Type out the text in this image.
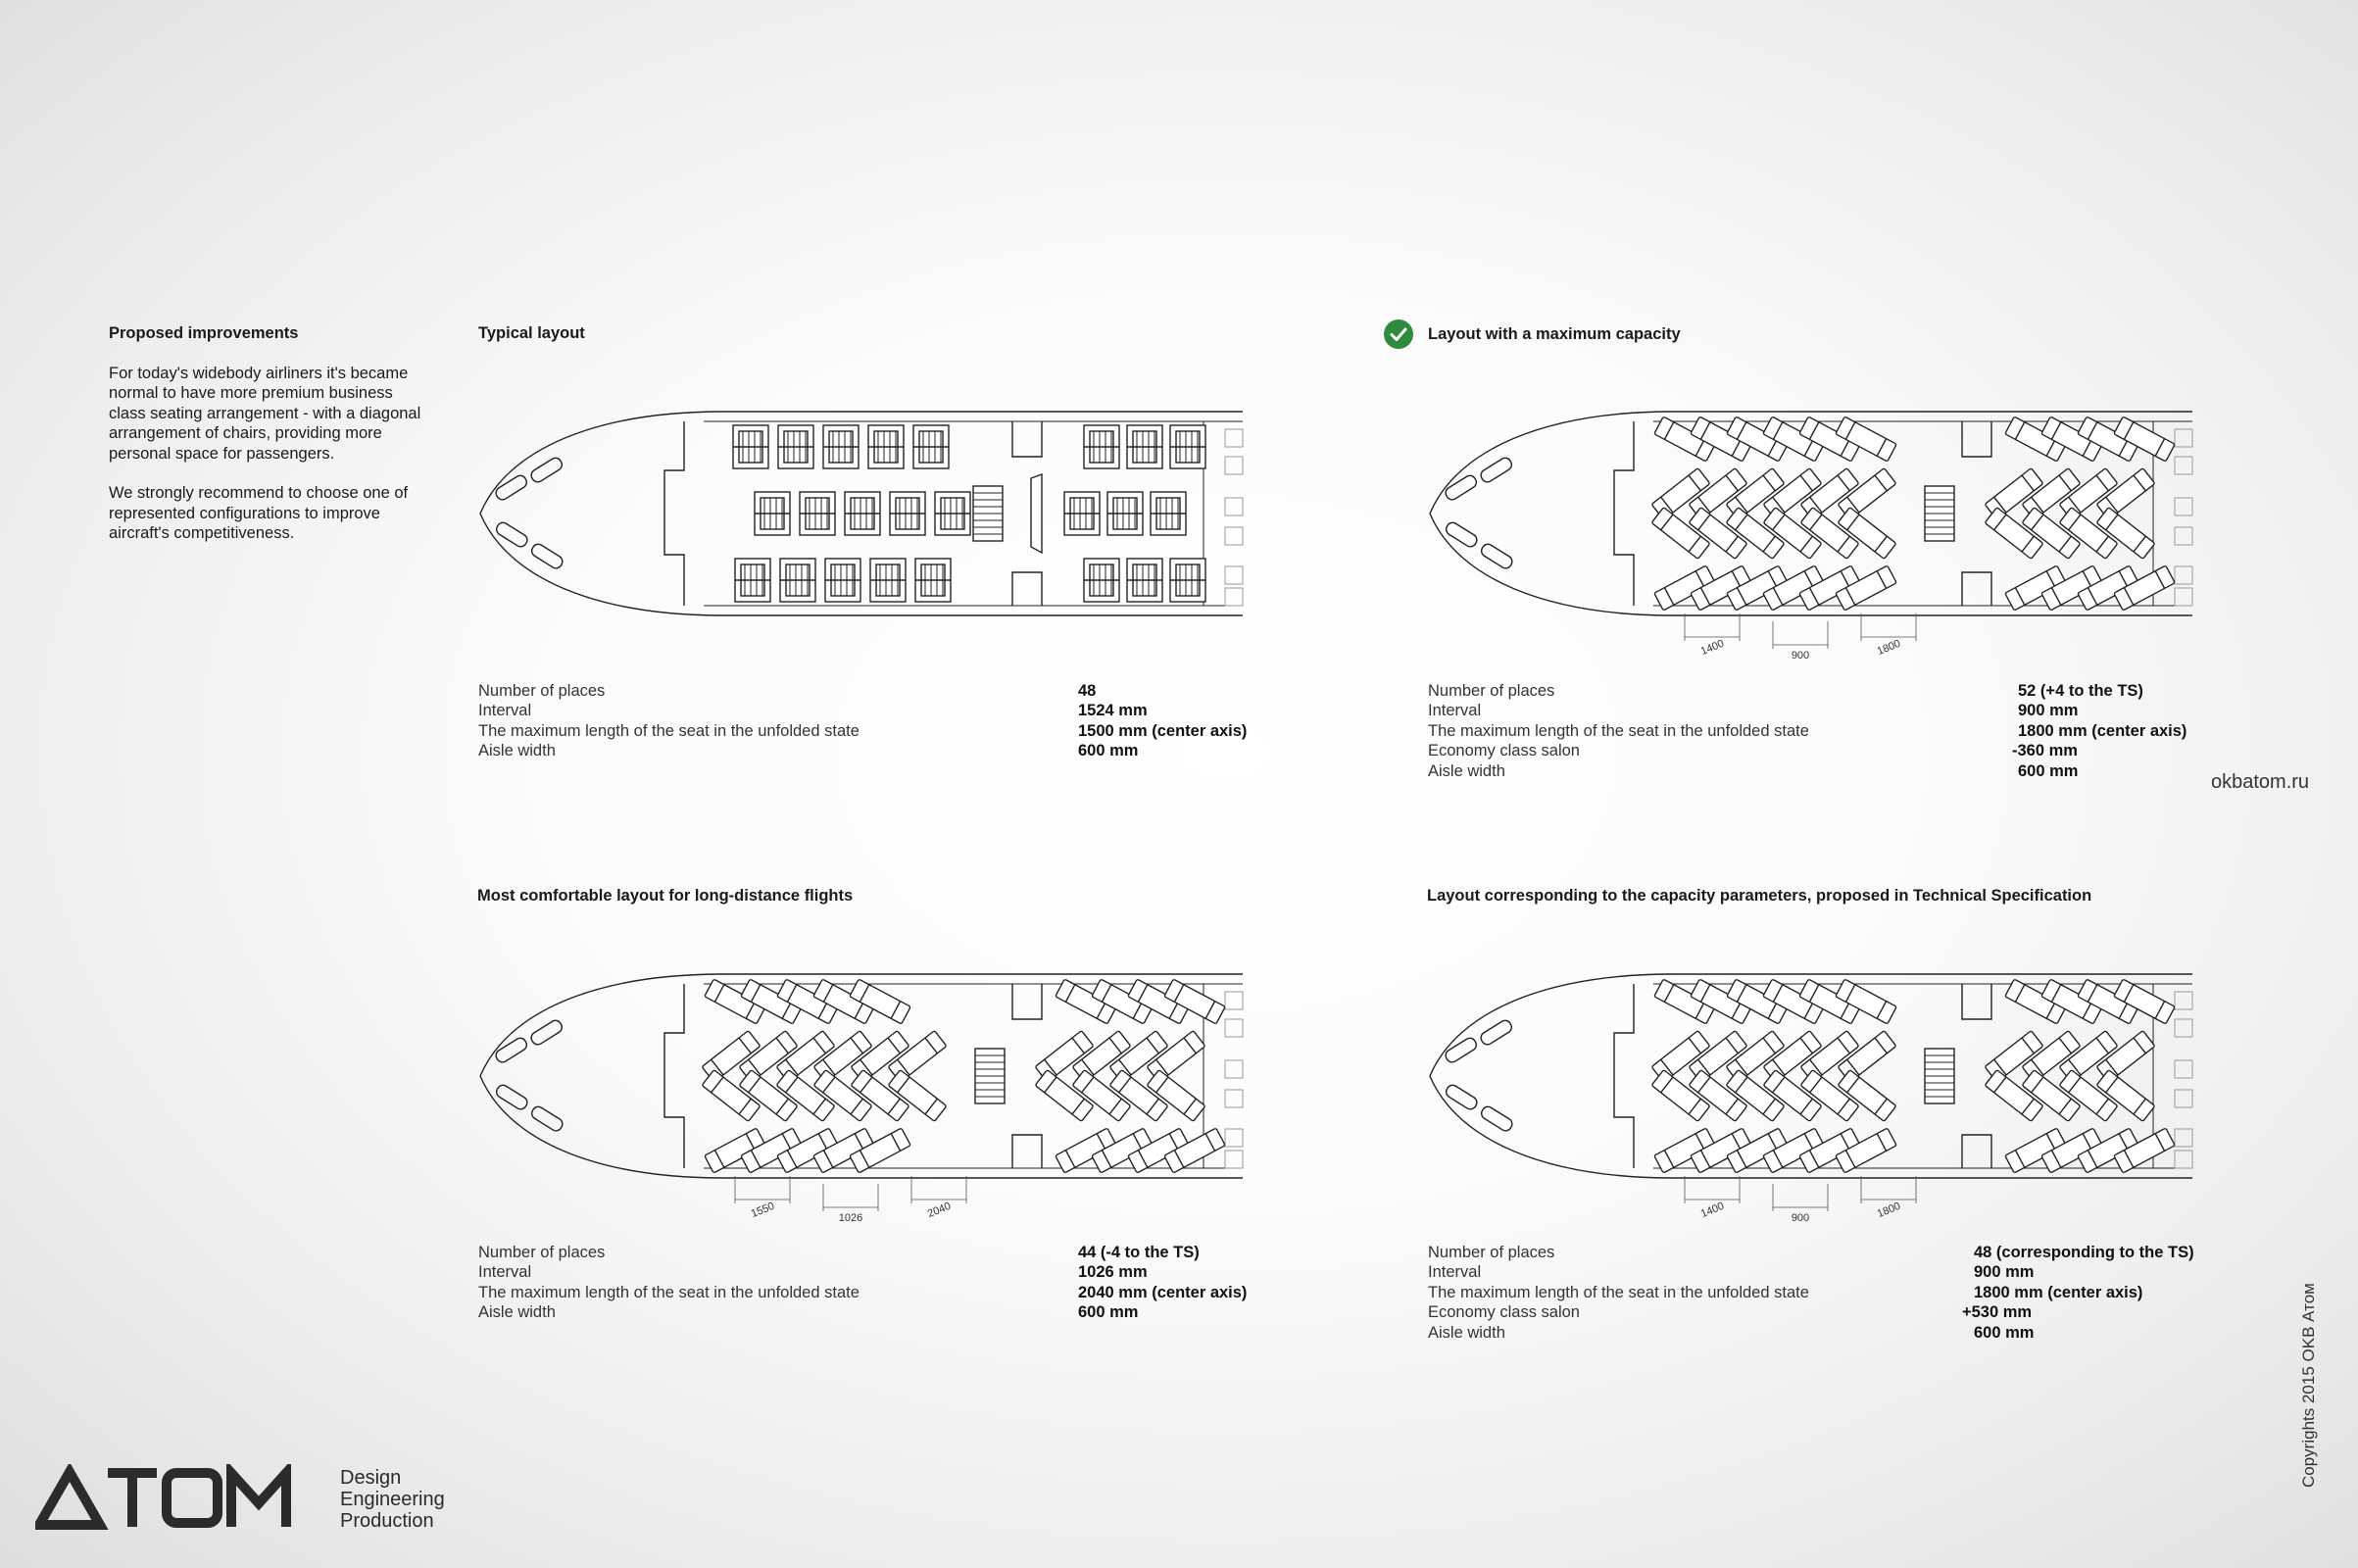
Proposed improvements

For today's widebody airliners it's became normal to have more premium business class seating arrangement - with a diagonal arrangement of chairs, providing more personal space for passengers.

We strongly recommend to choose one of represented configurations to improve aircraft's competitiveness.

Typical layout
Number of places	48
Interval	1524 mm
The maximum length of the seat in the unfolded state	1500 mm (center axis)
Aisle width	600 mm
Layout with a maximum capacity
1400	900	1800
Number of places	52 (+4 to the TS)
Interval	900 mm
The maximum length of the seat in the unfolded state	1800 mm (center axis)
Economy class salon	-360 mm
Aisle width	600 mm
okbatom.ru
Most comfortable layout for long-distance flights
1550	1026	2040
Number of places	44 (-4 to the TS)
Interval	1026 mm
The maximum length of the seat in the unfolded state	2040 mm (center axis)
Aisle width	600 mm
Layout corresponding to the capacity parameters, proposed in Technical Specification
1400	900	1800
Number of places	48 (corresponding to the TS)
Interval	900 mm
The maximum length of the seat in the unfolded state	1800 mm (center axis)
Economy class salon	+530 mm
Aisle width	600 mm	Copyrights 2015 OKB Атом
Design
Engineering
Production
